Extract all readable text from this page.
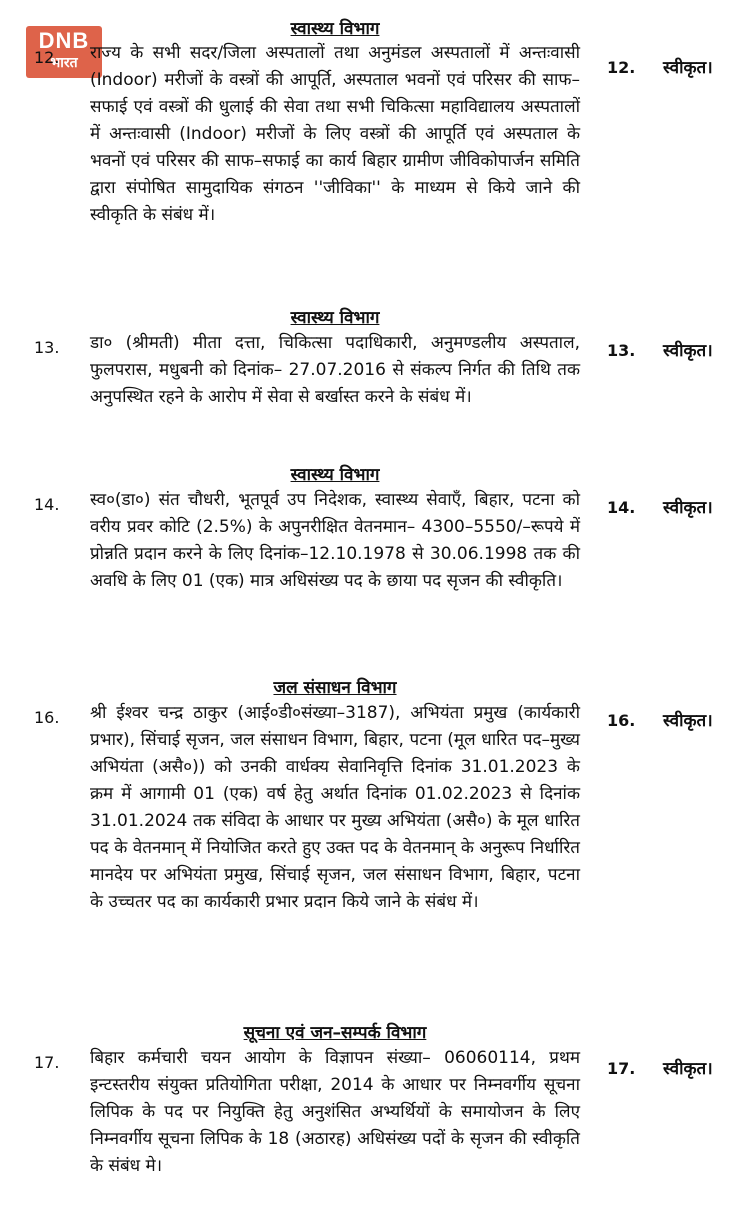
DNB
भारत
स्वास्थ्य विभाग
12. राज्य के सभी सदर/जिला अस्पतालों तथा अनुमंडल अस्पतालों में अन्तःवासी (Indoor) मरीजों के वस्त्रों की आपूर्ति, अस्पताल भवनों एवं परिसर की साफ–सफाई एवं वस्त्रों की धुलाई की सेवा तथा सभी चिकित्सा महाविद्यालय अस्पतालों में अन्तःवासी (Indoor) मरीजों के लिए वस्त्रों की आपूर्ति एवं अस्पताल के भवनों एवं परिसर की साफ–सफाई का कार्य बिहार ग्रामीण जीविकोपार्जन समिति द्वारा संपोषित सामुदायिक संगठन ''जीविका'' के माध्यम से किये जाने की स्वीकृति के संबंध में।
12. स्वीकृत।
स्वास्थ्य विभाग
13. डा० (श्रीमती) मीता दत्ता, चिकित्सा पदाधिकारी, अनुमण्डलीय अस्पताल, फुलपरास, मधुबनी को दिनांक– 27.07.2016 से संकल्प निर्गत की तिथि तक अनुपस्थित रहने के आरोप में सेवा से बर्खास्त करने के संबंध में।
13. स्वीकृत।
स्वास्थ्य विभाग
14. स्व०(डा०) संत चौधरी, भूतपूर्व उप निदेशक, स्वास्थ्य सेवाएँ, बिहार, पटना को वरीय प्रवर कोटि (2.5%) के अपुनरीक्षित वेतनमान– 4300–5550/–रूपये में प्रोन्नति प्रदान करने के लिए दिनांक–12.10.1978 से 30.06.1998 तक की अवधि के लिए 01 (एक) मात्र अधिसंख्य पद के छाया पद सृजन की स्वीकृति।
14. स्वीकृत।
जल संसाधन विभाग
16. श्री ईश्वर चन्द्र ठाकुर (आई०डी०संख्या–3187), अभियंता प्रमुख (कार्यकारी प्रभार), सिंचाई सृजन, जल संसाधन विभाग, बिहार, पटना (मूल धारित पद–मुख्य अभियंता (असै०)) को उनकी वार्धक्य सेवानिवृत्ति दिनांक 31.01.2023 के क्रम में आगामी 01 (एक) वर्ष हेतु अर्थात दिनांक 01.02.2023 से दिनांक 31.01.2024 तक संविदा के आधार पर मुख्य अभियंता (असै०) के मूल धारित पद के वेतनमान् में नियोजित करते हुए उक्त पद के वेतनमान् के अनुरूप निर्धारित मानदेय पर अभियंता प्रमुख, सिंचाई सृजन, जल संसाधन विभाग, बिहार, पटना के उच्चतर पद का कार्यकारी प्रभार प्रदान किये जाने के संबंध में।
16. स्वीकृत।
सूचना एवं जन–सम्पर्क विभाग
17. बिहार कर्मचारी चयन आयोग के विज्ञापन संख्या– 06060114, प्रथम इन्टस्तरीय संयुक्त प्रतियोगिता परीक्षा, 2014 के आधार पर निम्नवर्गीय सूचना लिपिक के पद पर नियुक्ति हेतु अनुशंसित अभ्यर्थियों के समायोजन के लिए निम्नवर्गीय सूचना लिपिक के 18 (अठारह) अधिसंख्य पदों के सृजन की स्वीकृति के संबंध मे।
17. स्वीकृत।
